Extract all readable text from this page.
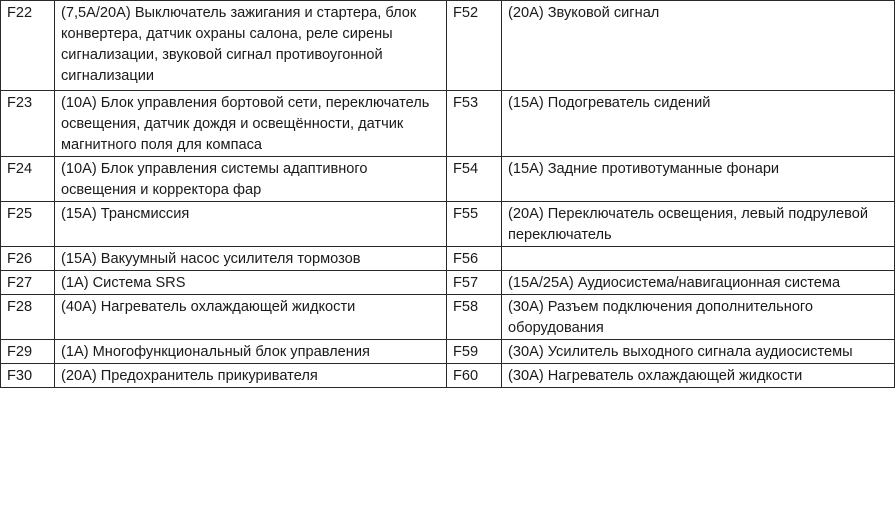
F22	(7,5A/20A) Выключатель зажигания и стартера, блок конвертера, датчик охраны салона, реле сирены сигнализации, звуковой сигнал противоугонной сигнализации	F52	(20A) Звуковой сигнал
F23	(10A) Блок управления бортовой сети, переключатель освещения, датчик дождя и освещённости, датчик магнитного поля для компаса	F53	(15A) Подогреватель сидений
F24	(10A) Блок управления системы адаптивного освещения и корректора фар	F54	(15A) Задние противотуманные фонари
F25	(15A) Трансмиссия	F55	(20A) Переключатель освещения, левый подрулевой переключатель
F26	(15A) Вакуумный насос усилителя тормозов	F56	
F27	(1A) Система SRS	F57	(15A/25A) Аудиосистема/навигационная система
F28	(40A) Нагреватель охлаждающей жидкости	F58	(30A) Разъем подключения дополнительного оборудования
F29	(1A) Многофункциональный блок управления	F59	(30A) Усилитель выходного сигнала аудиосистемы
F30	(20A) Предохранитель прикуривателя	F60	(30A) Нагреватель охлаждающей жидкости
